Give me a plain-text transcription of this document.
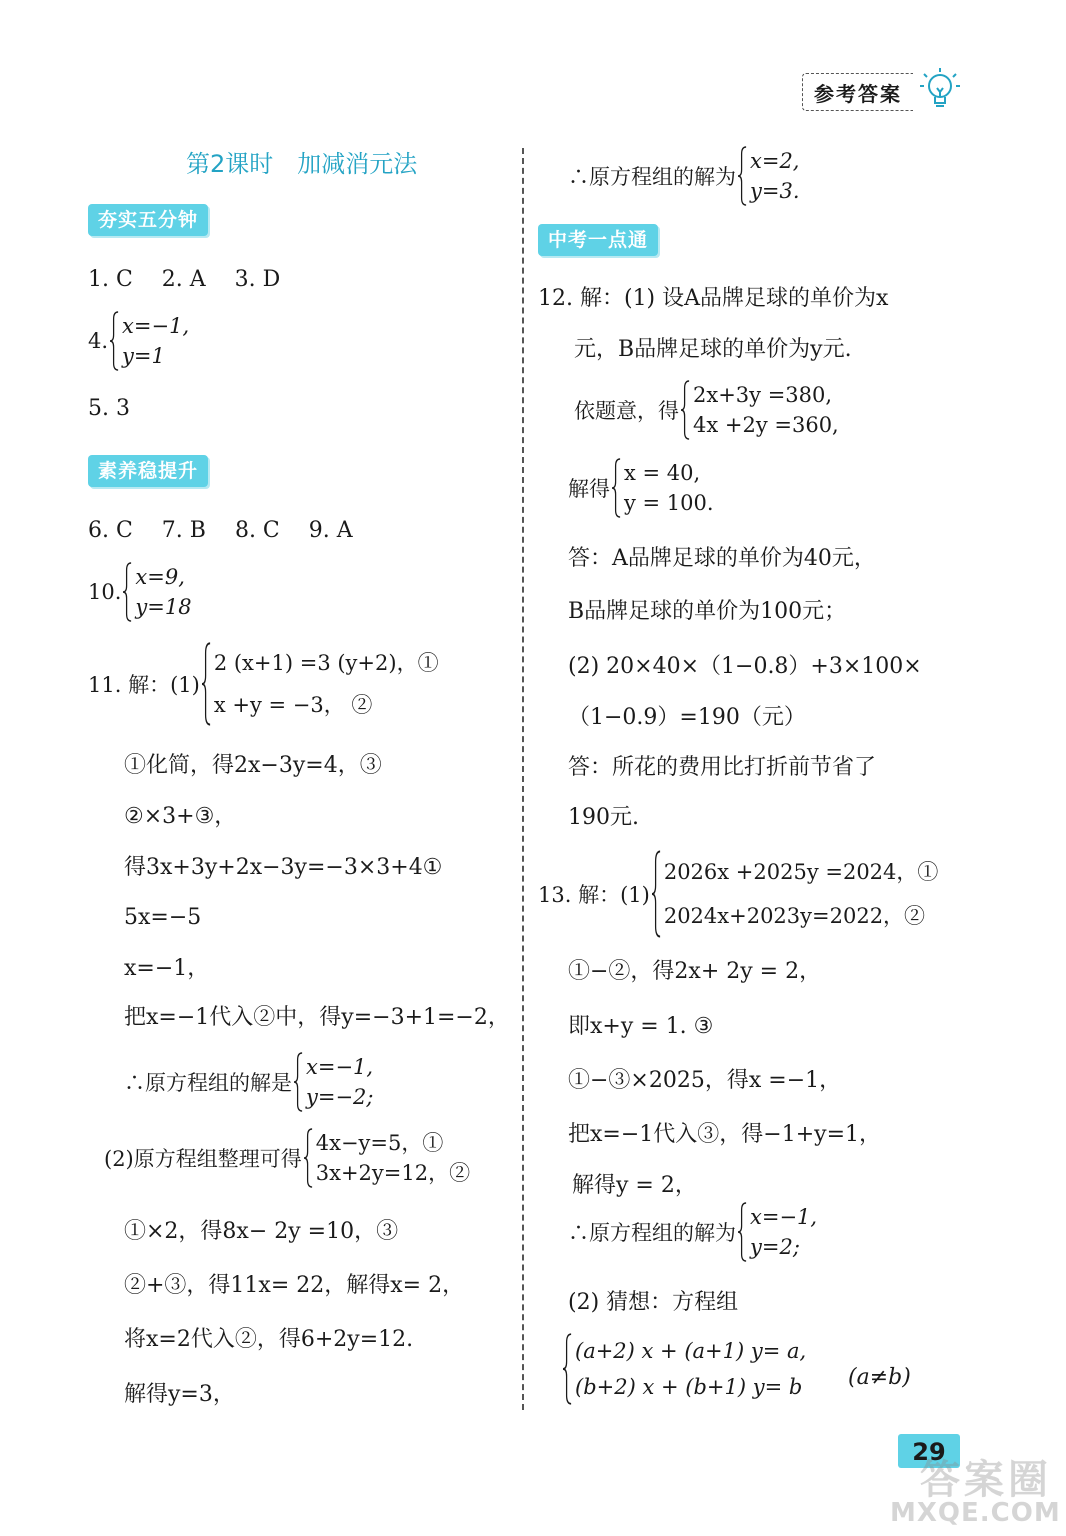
参考答案
第2课时　加减消元法
夯实五分钟
1. C　 2. A　 3. D
4.
x=−1,
y=1
5. 3
素养稳提升
6. C　 7. B　 8. C　 9. A
10.
x=9,
y=18
11. 解：(1)
2 (x+1) =3 (y+2)，①
x +y = −3， ②
①化简，得2x−3y=4，③
②×3+③，
得3x+3y+2x−3y=−3×3+4①
5x=−5
x=−1，
把x=−1代入②中，得y=−3+1=−2，
∴原方程组的解是
x=−1,
y=−2;
(2)原方程组整理可得
4x−y=5，①
3x+2y=12，②
①×2，得8x− 2y =10，③
②+③，得11x= 22，解得x= 2，
将x=2代入②，得6+2y=12.
解得y=3，
∴原方程组的解为
x=2,
y=3.
中考一点通
12. 解：(1) 设A品牌足球的单价为x
元，B品牌足球的单价为y元.
依题意，得
2x+3y =380,
4x +2y =360,
解得
x = 40,
y = 100.
答：A品牌足球的单价为40元，
B品牌足球的单价为100元；
(2) 20×40×（1−0.8）+3×100×
（1−0.9）=190（元）
答：所花的费用比打折前节省了
190元.
13. 解：(1)
2026x +2025y =2024，①
2024x+2023y=2022，②
①−②，得2x+ 2y = 2，
即x+y = 1. ③
①−③×2025，得x =−1，
把x=−1代入③，得−1+y=1，
解得y = 2，
∴原方程组的解为
x=−1,
y=2;
(2) 猜想：方程组
(a+2) x + (a+1) y= a,
(b+2) x + (b+1) y= b (a≠b)
29
答案圈
MXQE.COM
